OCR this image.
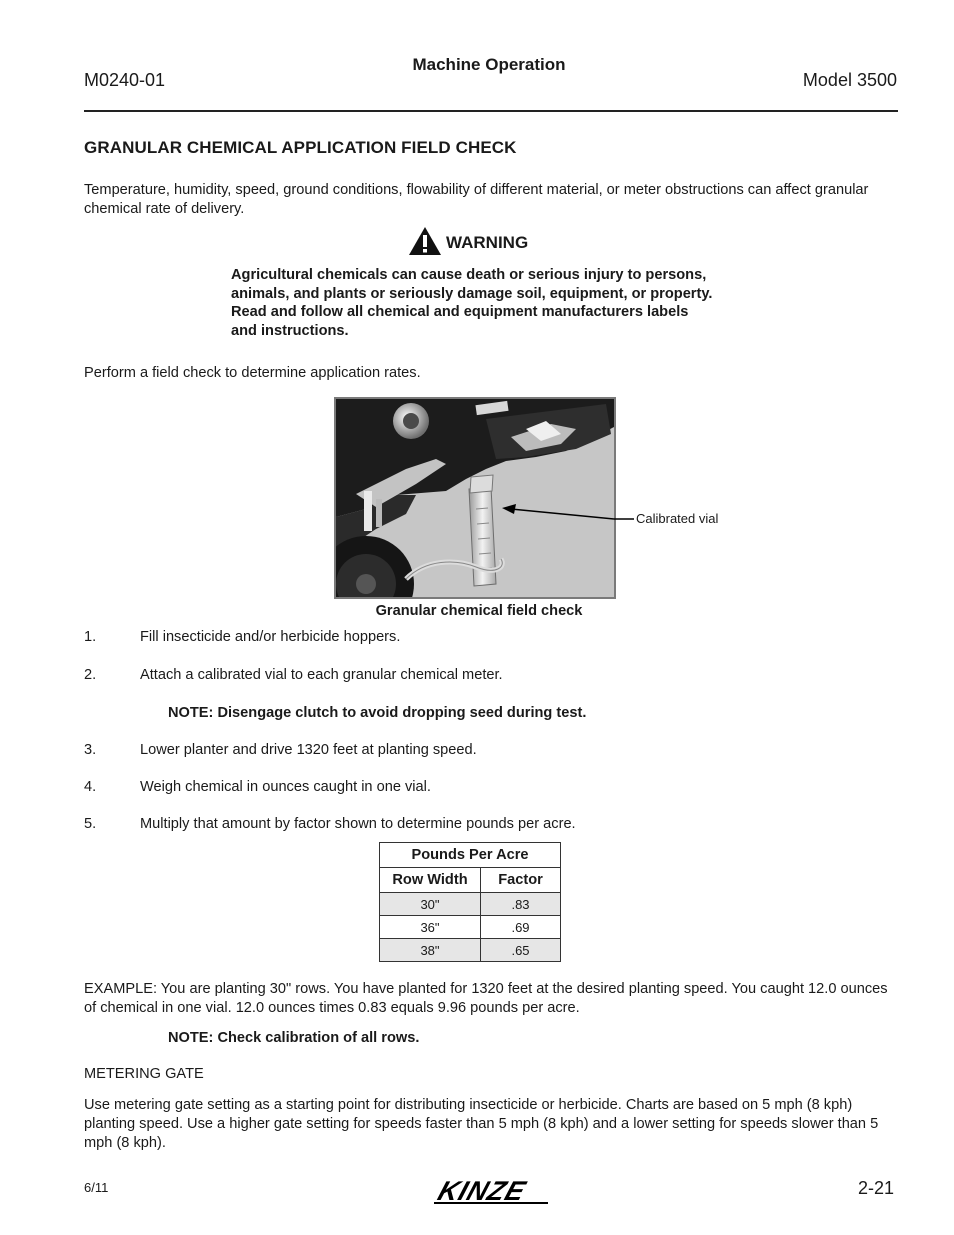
M0240-01
Machine Operation
Model 3500
GRANULAR CHEMICAL APPLICATION FIELD CHECK
Temperature, humidity, speed, ground conditions, flowability of different material, or meter obstructions can affect granular chemical rate of delivery.
WARNING
Agricultural chemicals can cause death or serious injury to persons,
animals, and plants or seriously damage soil, equipment, or property.
Read and follow all chemical and equipment manufacturers labels
and instructions.
Perform a field check to determine application rates.
Calibrated vial
Granular chemical field check
1.	Fill insecticide and/or herbicide hoppers.
2.	Attach a calibrated vial to each granular chemical meter.
NOTE: Disengage clutch to avoid dropping seed during test.
3.	Lower planter and drive 1320 feet at planting speed.
4.	Weigh chemical in ounces caught in one vial.
5.	Multiply that amount by factor shown to determine pounds per acre.
Pounds Per Acre	
Row Width	Factor
30"	.83
36"	.69
38"	.65
EXAMPLE: You are planting 30" rows. You have planted for 1320 feet at the desired planting speed. You caught 12.0 ounces of chemical in one vial. 12.0 ounces times 0.83 equals 9.96 pounds per acre.
NOTE: Check calibration of all rows.
METERING GATE
Use metering gate setting as a starting point for distributing insecticide or herbicide. Charts are based on 5 mph (8 kph) planting speed. Use a higher gate setting for speeds faster than 5 mph (8 kph) and a lower setting for speeds slower than 5 mph (8 kph).
6/11	KINZE	2-21
